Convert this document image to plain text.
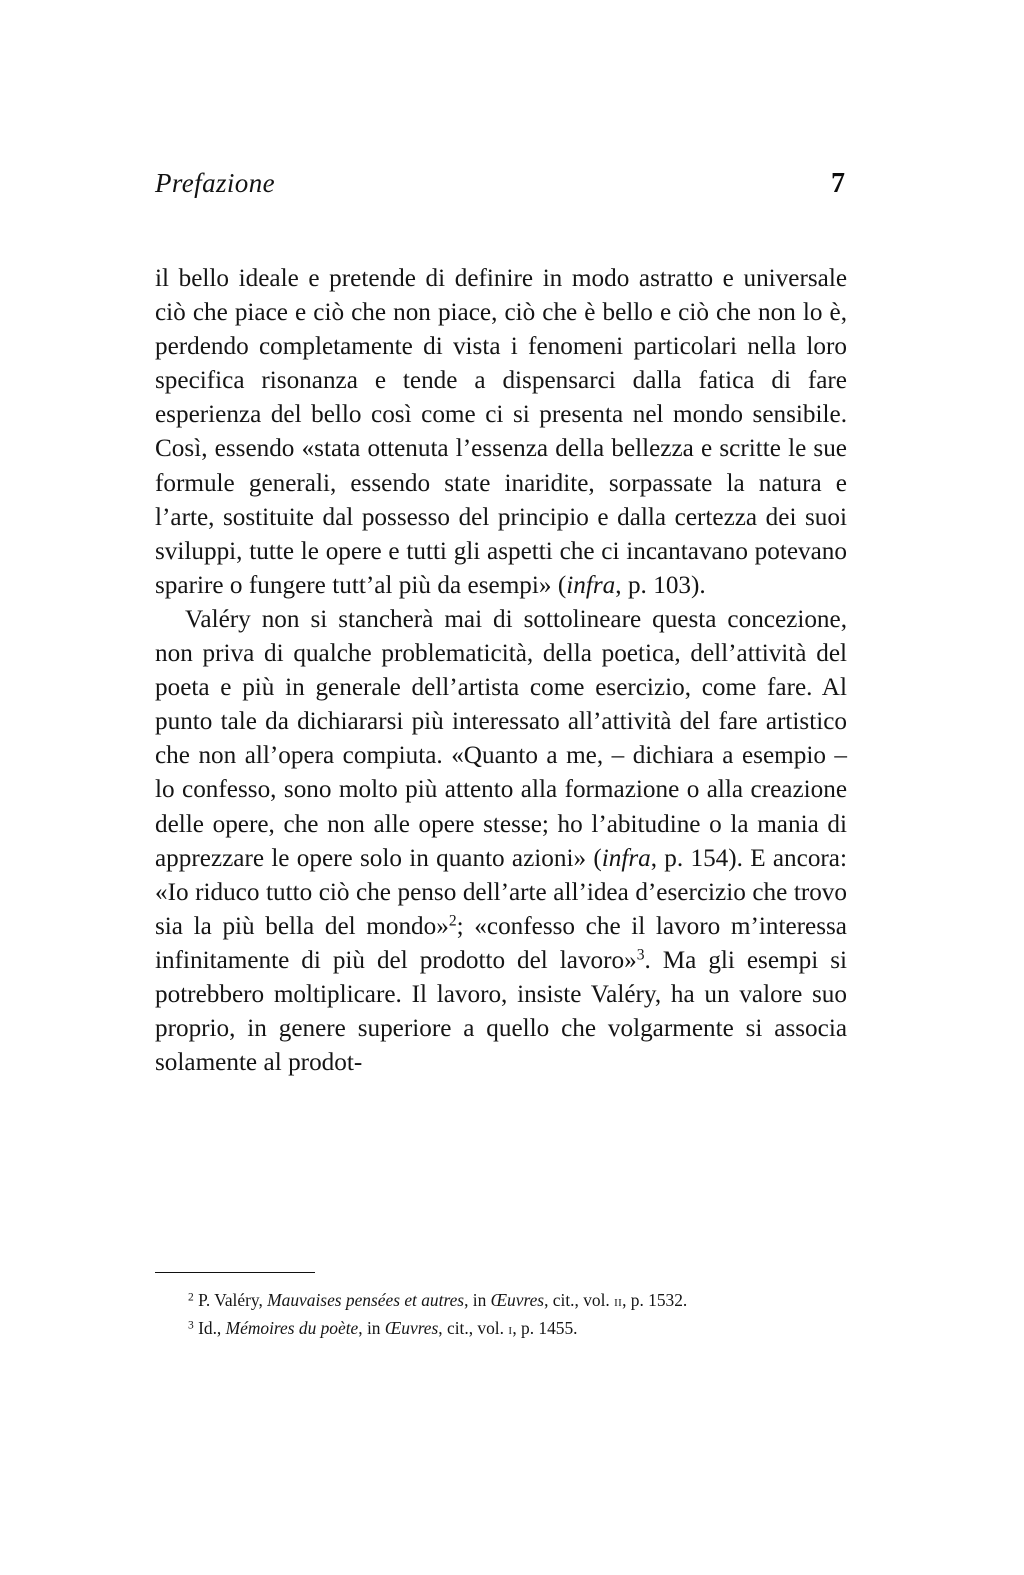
Prefazione	7

il bello ideale e pretende di definire in modo astratto e universale ciò che piace e ciò che non piace, ciò che è bello e ciò che non lo è, perdendo completamente di vista i fenomeni particolari nella loro specifica risonanza e tende a dispensarci dalla fatica di fare esperienza del bello così come ci si presenta nel mondo sensibile. Così, essendo «stata ottenuta l’essenza della bellezza e scritte le sue formule generali, essendo state inaridite, sorpassate la natura e l’arte, sostituite dal possesso del principio e dalla certezza dei suoi sviluppi, tutte le opere e tutti gli aspetti che ci incantavano potevano sparire o fungere tutt’al più da esempi» (infra, p. 103).

Valéry non si stancherà mai di sottolineare questa concezione, non priva di qualche problematicità, della poetica, dell’attività del poeta e più in generale dell’artista come esercizio, come fare. Al punto tale da dichiararsi più interessato all’attività del fare artistico che non all’opera compiuta. «Quanto a me, – dichiara a esempio – lo confesso, sono molto più attento alla formazione o alla creazione delle opere, che non alle opere stesse; ho l’abitudine o la mania di apprezzare le opere solo in quanto azioni» (infra, p. 154). E ancora: «Io riduco tutto ciò che penso dell’arte all’idea d’esercizio che trovo sia la più bella del mondo»$^2$; «confesso che il lavoro m’interessa infinitamente di più del prodotto del lavoro»$^3$. Ma gli esempi si potrebbero moltiplicare. Il lavoro, insiste Valéry, ha un valore suo proprio, in genere superiore a quello che volgarmente si associa solamente al prodot-

$^2$ P. Valéry, Mauvaises pensées et autres, in Œuvres, cit., vol. ii, p. 1532.
$^3$ Id., Mémoires du poète, in Œuvres, cit., vol. i, p. 1455.
